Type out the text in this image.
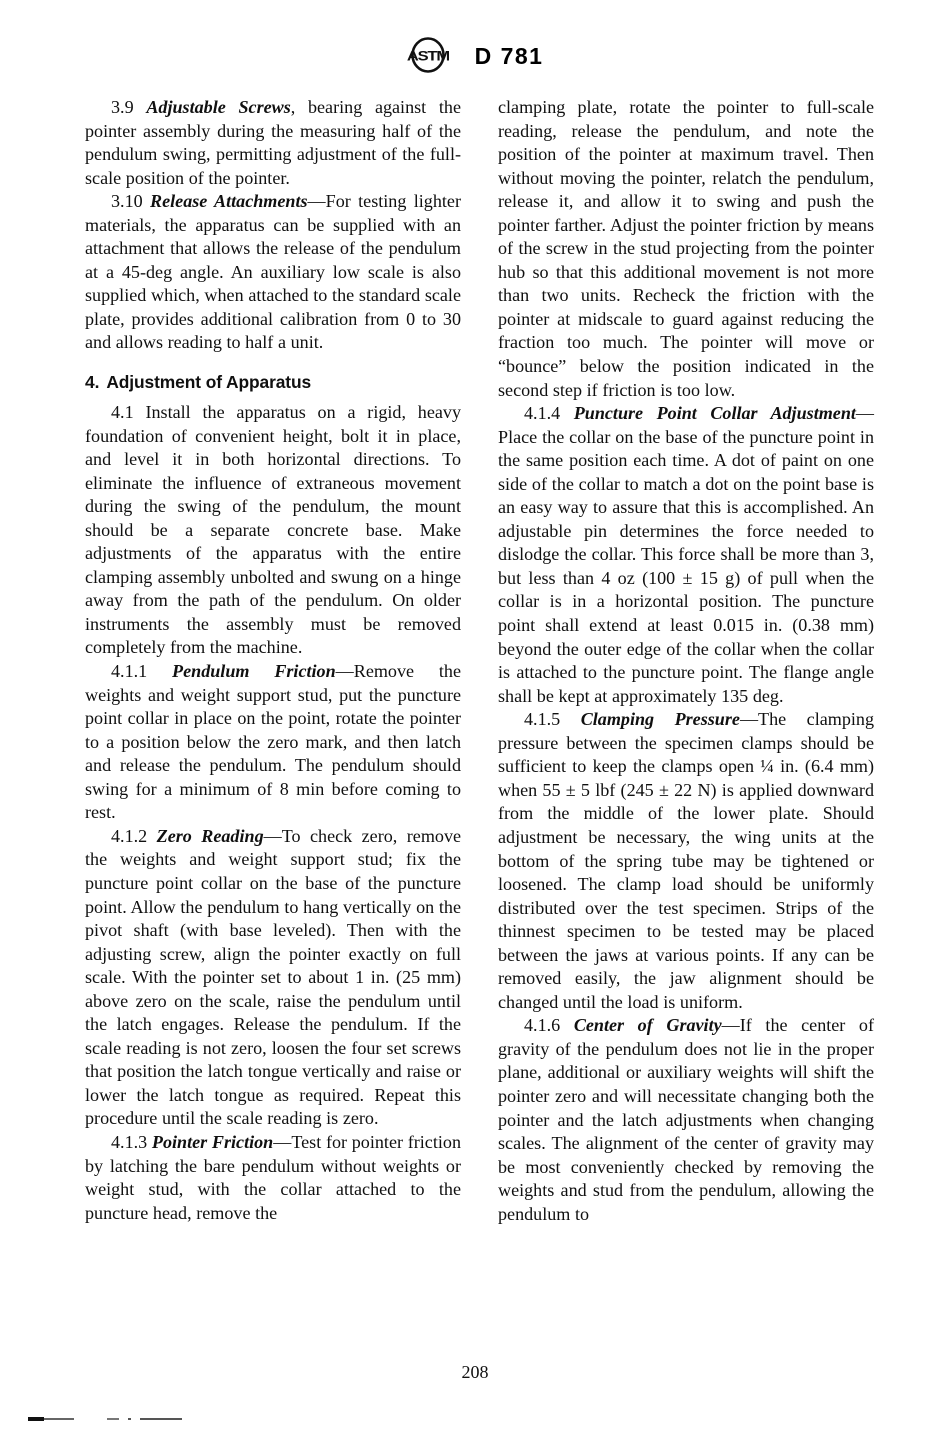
ASTM D 781

3.9 Adjustable Screws, bearing against the pointer assembly during the measuring half of the pendulum swing, permitting adjustment of the full-scale position of the pointer.

3.10 Release Attachments—For testing lighter materials, the apparatus can be supplied with an attachment that allows the release of the pendulum at a 45-deg angle. An auxiliary low scale is also supplied which, when attached to the standard scale plate, provides additional calibration from 0 to 30 and allows reading to half a unit.

4. Adjustment of Apparatus

4.1 Install the apparatus on a rigid, heavy foundation of convenient height, bolt it in place, and level it in both horizontal directions. To eliminate the influence of extraneous movement during the swing of the pendulum, the mount should be a separate concrete base. Make adjustments of the apparatus with the entire clamping assembly unbolted and swung on a hinge away from the path of the pendulum. On older instruments the assembly must be removed completely from the machine.

4.1.1 Pendulum Friction—Remove the weights and weight support stud, put the puncture point collar in place on the point, rotate the pointer to a position below the zero mark, and then latch and release the pendulum. The pendulum should swing for a minimum of 8 min before coming to rest.

4.1.2 Zero Reading—To check zero, remove the weights and weight support stud; fix the puncture point collar on the base of the puncture point. Allow the pendulum to hang vertically on the pivot shaft (with base leveled). Then with the adjusting screw, align the pointer exactly on full scale. With the pointer set to about 1 in. (25 mm) above zero on the scale, raise the pendulum until the latch engages. Release the pendulum. If the scale reading is not zero, loosen the four set screws that position the latch tongue vertically and raise or lower the latch tongue as required. Repeat this procedure until the scale reading is zero.

4.1.3 Pointer Friction—Test for pointer friction by latching the bare pendulum without weights or weight stud, with the collar attached to the puncture head, remove the

clamping plate, rotate the pointer to full-scale reading, release the pendulum, and note the position of the pointer at maximum travel. Then without moving the pointer, relatch the pendulum, release it, and allow it to swing and push the pointer farther. Adjust the pointer friction by means of the screw in the stud projecting from the pointer hub so that this additional movement is not more than two units. Recheck the friction with the pointer at midscale to guard against reducing the fraction too much. The pointer will move or “bounce” below the position indicated in the second step if friction is too low.

4.1.4 Puncture Point Collar Adjustment—Place the collar on the base of the puncture point in the same position each time. A dot of paint on one side of the collar to match a dot on the point base is an easy way to assure that this is accomplished. An adjustable pin determines the force needed to dislodge the collar. This force shall be more than 3, but less than 4 oz (100 ± 15 g) of pull when the collar is in a horizontal position. The puncture point shall extend at least 0.015 in. (0.38 mm) beyond the outer edge of the collar when the collar is attached to the puncture point. The flange angle shall be kept at approximately 135 deg.

4.1.5 Clamping Pressure—The clamping pressure between the specimen clamps should be sufficient to keep the clamps open ¼ in. (6.4 mm) when 55 ± 5 lbf (245 ± 22 N) is applied downward from the middle of the lower plate. Should adjustment be necessary, the wing units at the bottom of the spring tube may be tightened or loosened. The clamp load should be uniformly distributed over the test specimen. Strips of the thinnest specimen to be tested may be placed between the jaws at various points. If any can be removed easily, the jaw alignment should be changed until the load is uniform.

4.1.6 Center of Gravity—If the center of gravity of the pendulum does not lie in the proper plane, additional or auxiliary weights will shift the pointer zero and will necessitate changing both the pointer and the latch adjustments when changing scales. The alignment of the center of gravity may be most conveniently checked by removing the weights and stud from the pendulum, allowing the pendulum to

208
